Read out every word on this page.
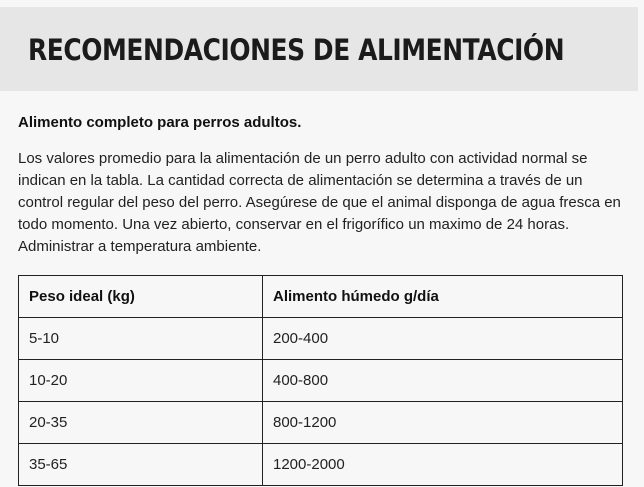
RECOMENDACIONES DE ALIMENTACIÓN

Alimento completo para perros adultos.

Los valores promedio para la alimentación de un perro adulto con actividad normal se indican en la tabla. La cantidad correcta de alimentación se determina a través de un control regular del peso del perro. Asegúrese de que el animal disponga de agua fresca en todo momento. Una vez abierto, conservar en el frigorífico un maximo de 24 horas. Administrar a temperatura ambiente.

Peso ideal (kg)	Alimento húmedo g/día
5-10	200-400
10-20	400-800
20-35	800-1200
35-65	1200-2000
